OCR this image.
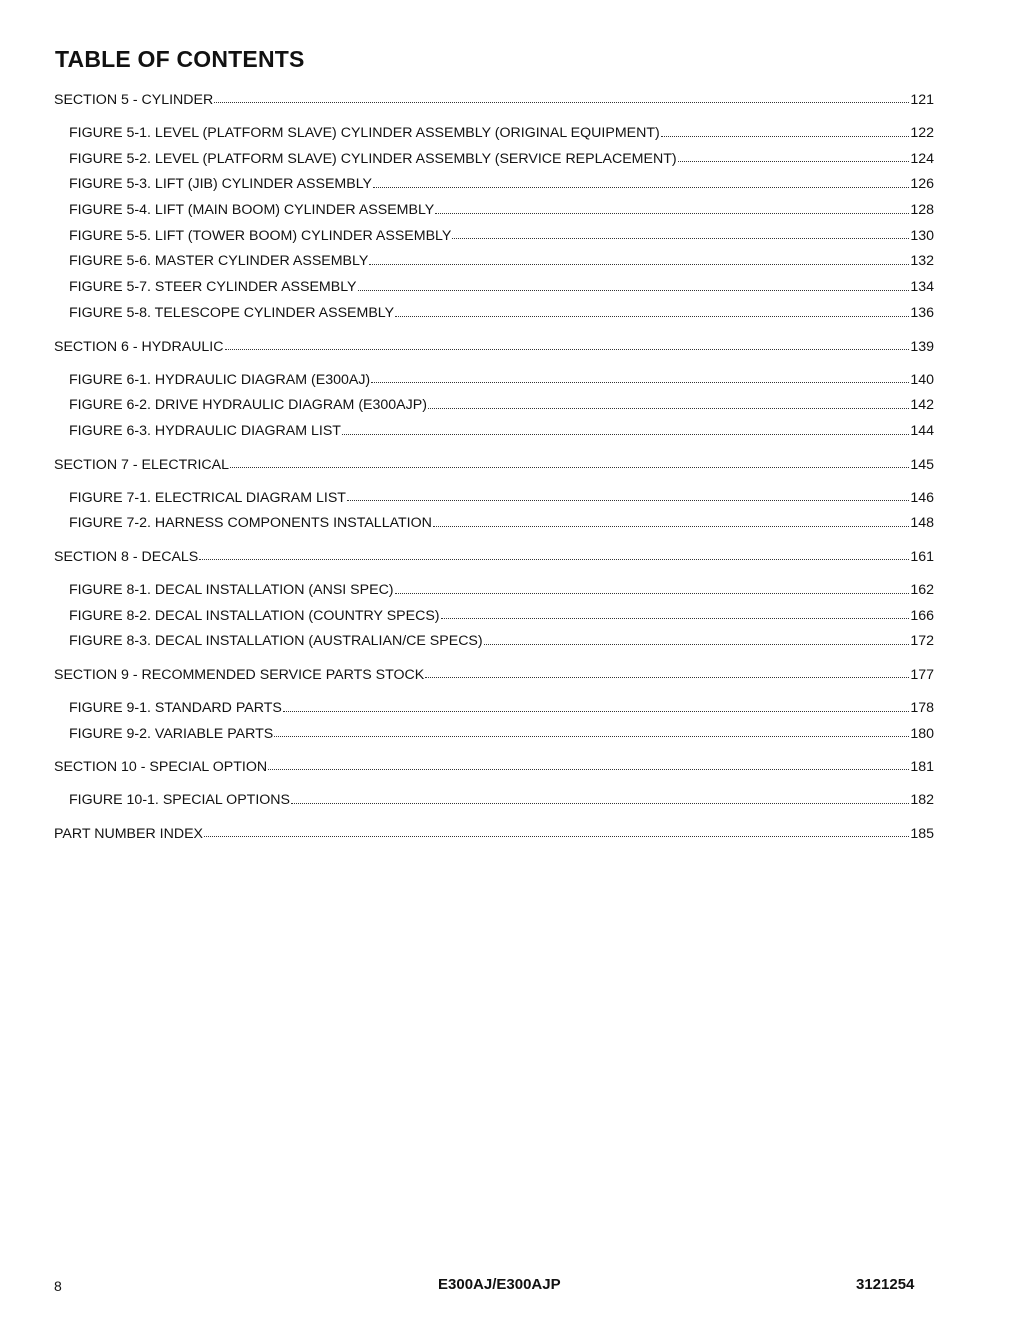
TABLE OF CONTENTS
SECTION 5 - CYLINDER	121
FIGURE 5-1. LEVEL (PLATFORM SLAVE) CYLINDER ASSEMBLY (ORIGINAL EQUIPMENT)	122
FIGURE 5-2. LEVEL (PLATFORM SLAVE) CYLINDER ASSEMBLY (SERVICE REPLACEMENT)	124
FIGURE 5-3. LIFT (JIB) CYLINDER ASSEMBLY	126
FIGURE 5-4. LIFT (MAIN BOOM) CYLINDER ASSEMBLY	128
FIGURE 5-5. LIFT (TOWER BOOM) CYLINDER ASSEMBLY	130
FIGURE 5-6. MASTER CYLINDER ASSEMBLY	132
FIGURE 5-7. STEER CYLINDER ASSEMBLY	134
FIGURE 5-8. TELESCOPE CYLINDER ASSEMBLY	136
SECTION 6 - HYDRAULIC	139
FIGURE 6-1. HYDRAULIC DIAGRAM (E300AJ)	140
FIGURE 6-2. DRIVE HYDRAULIC DIAGRAM (E300AJP)	142
FIGURE 6-3. HYDRAULIC DIAGRAM LIST	144
SECTION 7 - ELECTRICAL	145
FIGURE 7-1. ELECTRICAL DIAGRAM LIST	146
FIGURE 7-2. HARNESS COMPONENTS INSTALLATION	148
SECTION 8 - DECALS	161
FIGURE 8-1. DECAL INSTALLATION (ANSI SPEC)	162
FIGURE 8-2. DECAL INSTALLATION (COUNTRY SPECS)	166
FIGURE 8-3. DECAL INSTALLATION (AUSTRALIAN/CE SPECS)	172
SECTION 9 - RECOMMENDED SERVICE PARTS STOCK	177
FIGURE 9-1. STANDARD PARTS	178
FIGURE 9-2. VARIABLE PARTS	180
SECTION 10 - SPECIAL OPTION	181
FIGURE 10-1. SPECIAL OPTIONS	182
PART NUMBER INDEX	185
8	E300AJ/E300AJP	3121254
